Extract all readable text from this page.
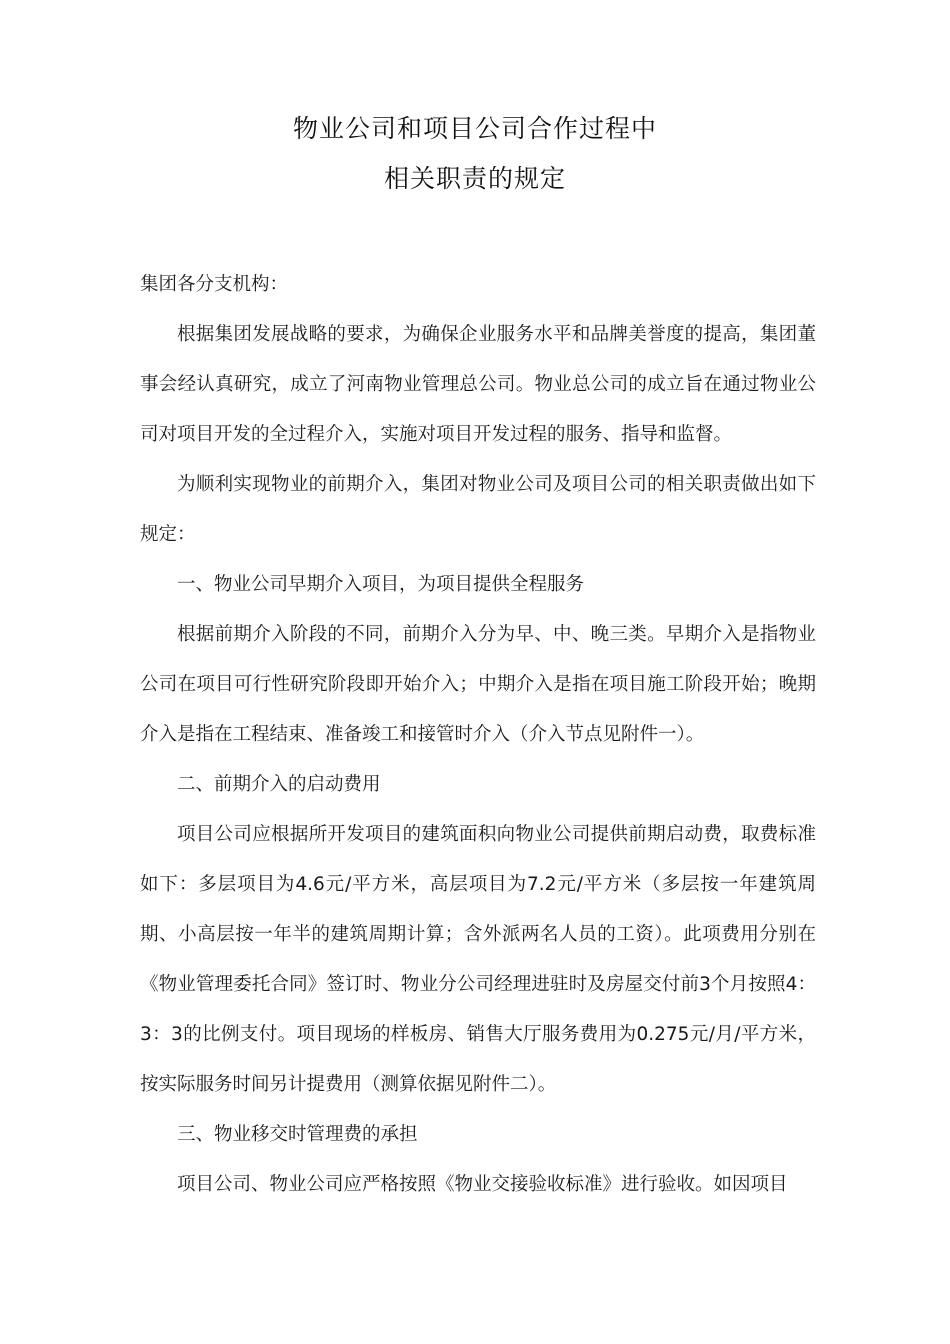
物业公司和项目公司合作过程中
相关职责的规定

集团各分支机构：

根据集团发展战略的要求，为确保企业服务水平和品牌美誉度的提高，集团董事会经认真研究，成立了河南物业管理总公司。物业总公司的成立旨在通过物业公司对项目开发的全过程介入，实施对项目开发过程的服务、指导和监督。

为顺利实现物业的前期介入，集团对物业公司及项目公司的相关职责做出如下规定：

一、物业公司早期介入项目，为项目提供全程服务

根据前期介入阶段的不同，前期介入分为早、中、晚三类。早期介入是指物业公司在项目可行性研究阶段即开始介入；中期介入是指在项目施工阶段开始；晚期介入是指在工程结束、准备竣工和接管时介入（介入节点见附件一）。

二、前期介入的启动费用

项目公司应根据所开发项目的建筑面积向物业公司提供前期启动费，取费标准如下：多层项目为4.6元/平方米，高层项目为7.2元/平方米（多层按一年建筑周期、小高层按一年半的建筑周期计算；含外派两名人员的工资）。此项费用分别在《物业管理委托合同》签订时、物业分公司经理进驻时及房屋交付前3个月按照4：3：3的比例支付。项目现场的样板房、销售大厅服务费用为0.275元/月/平方米，按实际服务时间另计提费用（测算依据见附件二）。

三、物业移交时管理费的承担

项目公司、物业公司应严格按照《物业交接验收标准》进行验收。如因项目
